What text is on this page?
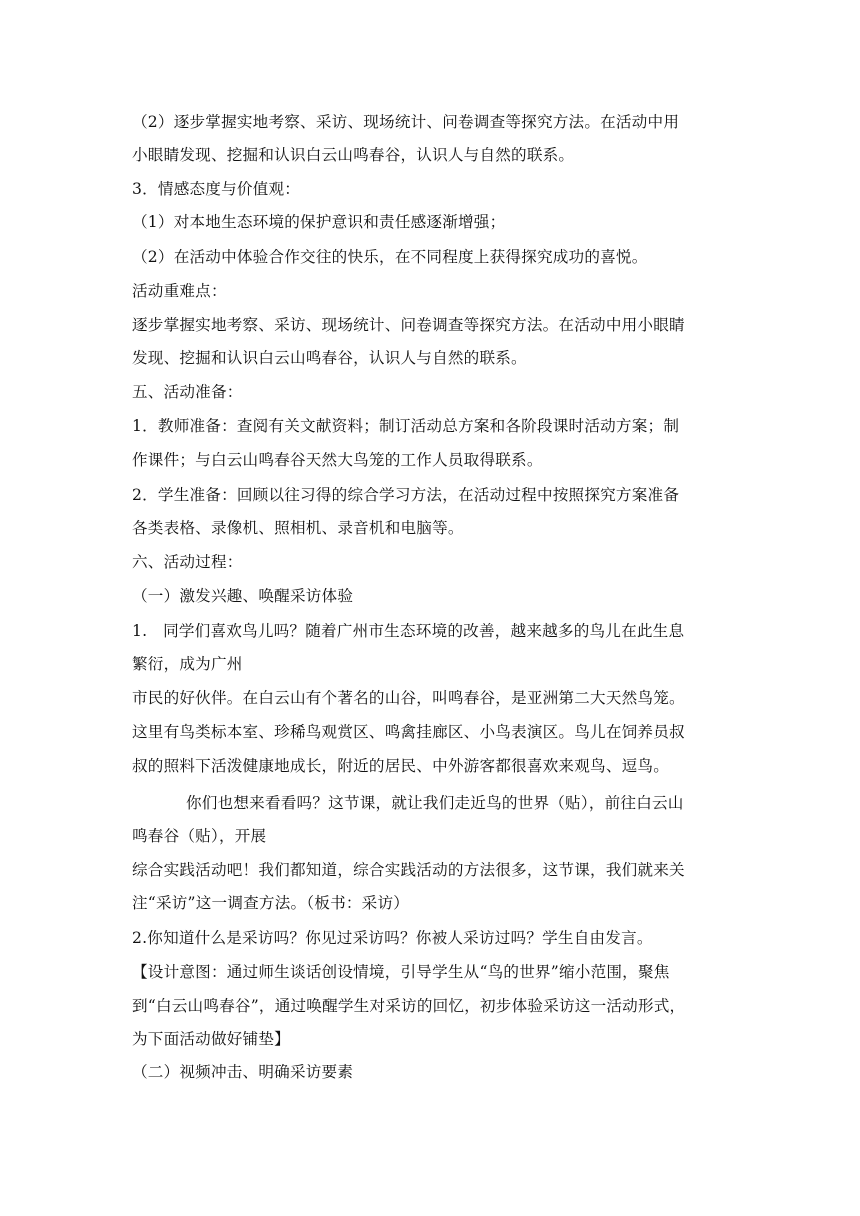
（2）逐步掌握实地考察、采访、现场统计、问卷调查等探究方法。在活动中用
小眼睛发现、挖掘和认识白云山鸣春谷，认识人与自然的联系。
3．情感态度与价值观：
（1）对本地生态环境的保护意识和责任感逐渐增强；
（2）在活动中体验合作交往的快乐，在不同程度上获得探究成功的喜悦。
活动重难点：
逐步掌握实地考察、采访、现场统计、问卷调查等探究方法。在活动中用小眼睛
发现、挖掘和认识白云山鸣春谷，认识人与自然的联系。
五、活动准备：
1．教师准备：查阅有关文献资料；制订活动总方案和各阶段课时活动方案；制
作课件；与白云山鸣春谷天然大鸟笼的工作人员取得联系。
2．学生准备：回顾以往习得的综合学习方法，在活动过程中按照探究方案准备
各类表格、录像机、照相机、录音机和电脑等。
六、活动过程：
（一）激发兴趣、唤醒采访体验
1.　同学们喜欢鸟儿吗？随着广州市生态环境的改善，越来越多的鸟儿在此生息
繁衍，成为广州
市民的好伙伴。在白云山有个著名的山谷，叫鸣春谷，是亚洲第二大天然鸟笼。
这里有鸟类标本室、珍稀鸟观赏区、鸣禽挂廊区、小鸟表演区。鸟儿在饲养员叔
叔的照料下活泼健康地成长，附近的居民、中外游客都很喜欢来观鸟、逗鸟。
你们也想来看看吗？这节课，就让我们走近鸟的世界（贴），前往白云山
鸣春谷（贴），开展
综合实践活动吧！我们都知道，综合实践活动的方法很多，这节课，我们就来关
注“采访”这一调查方法。（板书：采访）
2.你知道什么是采访吗？你见过采访吗？你被人采访过吗？学生自由发言。
【设计意图：通过师生谈话创设情境，引导学生从“鸟的世界”缩小范围，聚焦
到“白云山鸣春谷”，通过唤醒学生对采访的回忆，初步体验采访这一活动形式，
为下面活动做好铺垫】
（二）视频冲击、明确采访要素
